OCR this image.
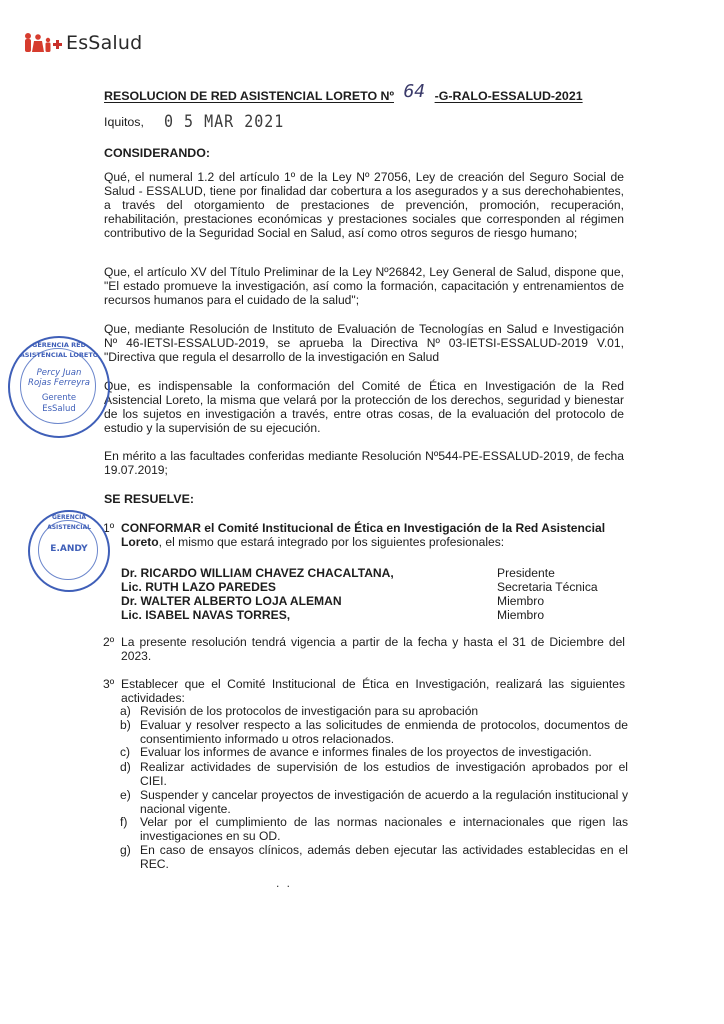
EsSalud
RESOLUCION DE RED ASISTENCIAL LORETO Nº 64 -G-RALO-ESSALUD-2021
Iquitos, 0 5 MAR 2021
CONSIDERANDO:

Qué, el numeral 1.2 del artículo 1º de la Ley Nº 27056, Ley de creación del Seguro Social de Salud - ESSALUD, tiene por finalidad dar cobertura a los asegurados y a sus derechohabientes, a través del otorgamiento de prestaciones de prevención, promoción, recuperación, rehabilitación, prestaciones económicas y prestaciones sociales que corresponden al régimen contributivo de la Seguridad Social en Salud, así como otros seguros de riesgo humano;

Que, el artículo XV del Título Preliminar de la Ley Nº26842, Ley General de Salud, dispone que, "El estado promueve la investigación, así como la formación, capacitación y entrenamientos de recursos humanos para el cuidado de la salud";

Que, mediante Resolución de Instituto de Evaluación de Tecnologías en Salud e Investigación Nº 46-IETSI-ESSALUD-2019, se aprueba la Directiva Nº 03-IETSI-ESSALUD-2019 V.01, "Directiva que regula el desarrollo de la investigación en Salud

Que, es indispensable la conformación del Comité de Ética en Investigación de la Red Asistencial Loreto, la misma que velará por la protección de los derechos, seguridad y bienestar de los sujetos en investigación a través, entre otras cosas, de la evaluación del protocolo de estudio y la supervisión de su ejecución.

En mérito a las facultades conferidas mediante Resolución Nº544-PE-ESSALUD-2019, de fecha 19.07.2019;

SE RESUELVE:
1º CONFORMAR el Comité Institucional de Ética en Investigación de la Red Asistencial
Loreto, el mismo que estará integrado por los siguientes profesionales:
Dr. RICARDO WILLIAM CHAVEZ CHACALTANA,	Presidente
Lic. RUTH LAZO PAREDES	Secretaria Técnica
Dr. WALTER ALBERTO LOJA ALEMAN	Miembro
Lic. ISABEL NAVAS TORRES,	Miembro
2º La presente resolución tendrá vigencia a partir de la fecha y hasta el 31 de Diciembre del 2023.
3º Establecer que el Comité Institucional de Ética en Investigación, realizará las siguientes actividades:
a) Revisión de los protocolos de investigación para su aprobación
b) Evaluar y resolver respecto a las solicitudes de enmienda de protocolos, documentos de consentimiento informado u otros relacionados.
c) Evaluar los informes de avance e informes finales de los proyectos de investigación.
d) Realizar actividades de supervisión de los estudios de investigación aprobados por el CIEI.
e) Suspender y cancelar proyectos de investigación de acuerdo a la regulación institucional y nacional vigente.
f) Velar por el cumplimiento de las normas nacionales e internacionales que rigen las investigaciones en su OD.
g) En caso de ensayos clínicos, además deben ejecutar las actividades establecidas en el REC.
. .
GERENCIA RED ASISTENCIAL LORETO
Percy Juan
Rojas Ferreyra
Gerente
EsSalud
GERENCIA ASISTENCIAL
E.ANDY
